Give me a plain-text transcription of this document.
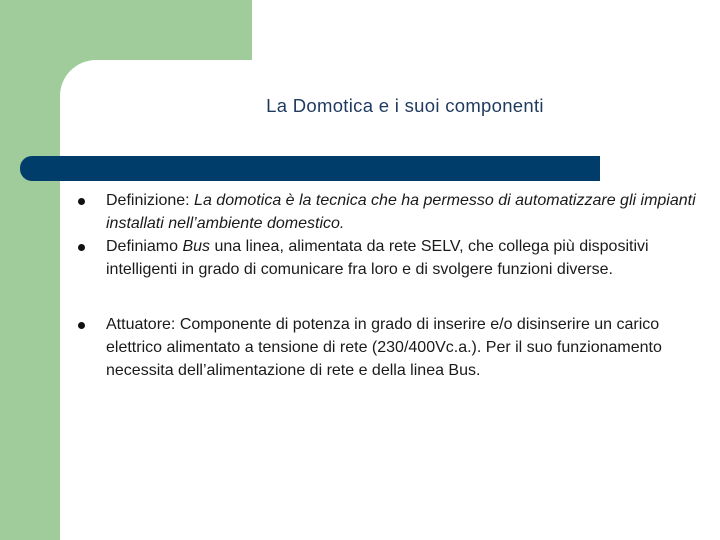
La Domotica e i suoi componenti

Definizione: La domotica è la tecnica che ha permesso di automatizzare gli impianti installati nell’ambiente domestico.

Definiamo Bus una linea, alimentata da rete SELV, che collega più dispositivi intelligenti in grado di comunicare fra loro e di svolgere funzioni diverse.

Attuatore: Componente di potenza in grado di inserire e/o disinserire un carico elettrico alimentato a tensione di rete (230/400Vc.a.). Per il suo funzionamento necessita dell’alimentazione di rete e della linea Bus.
